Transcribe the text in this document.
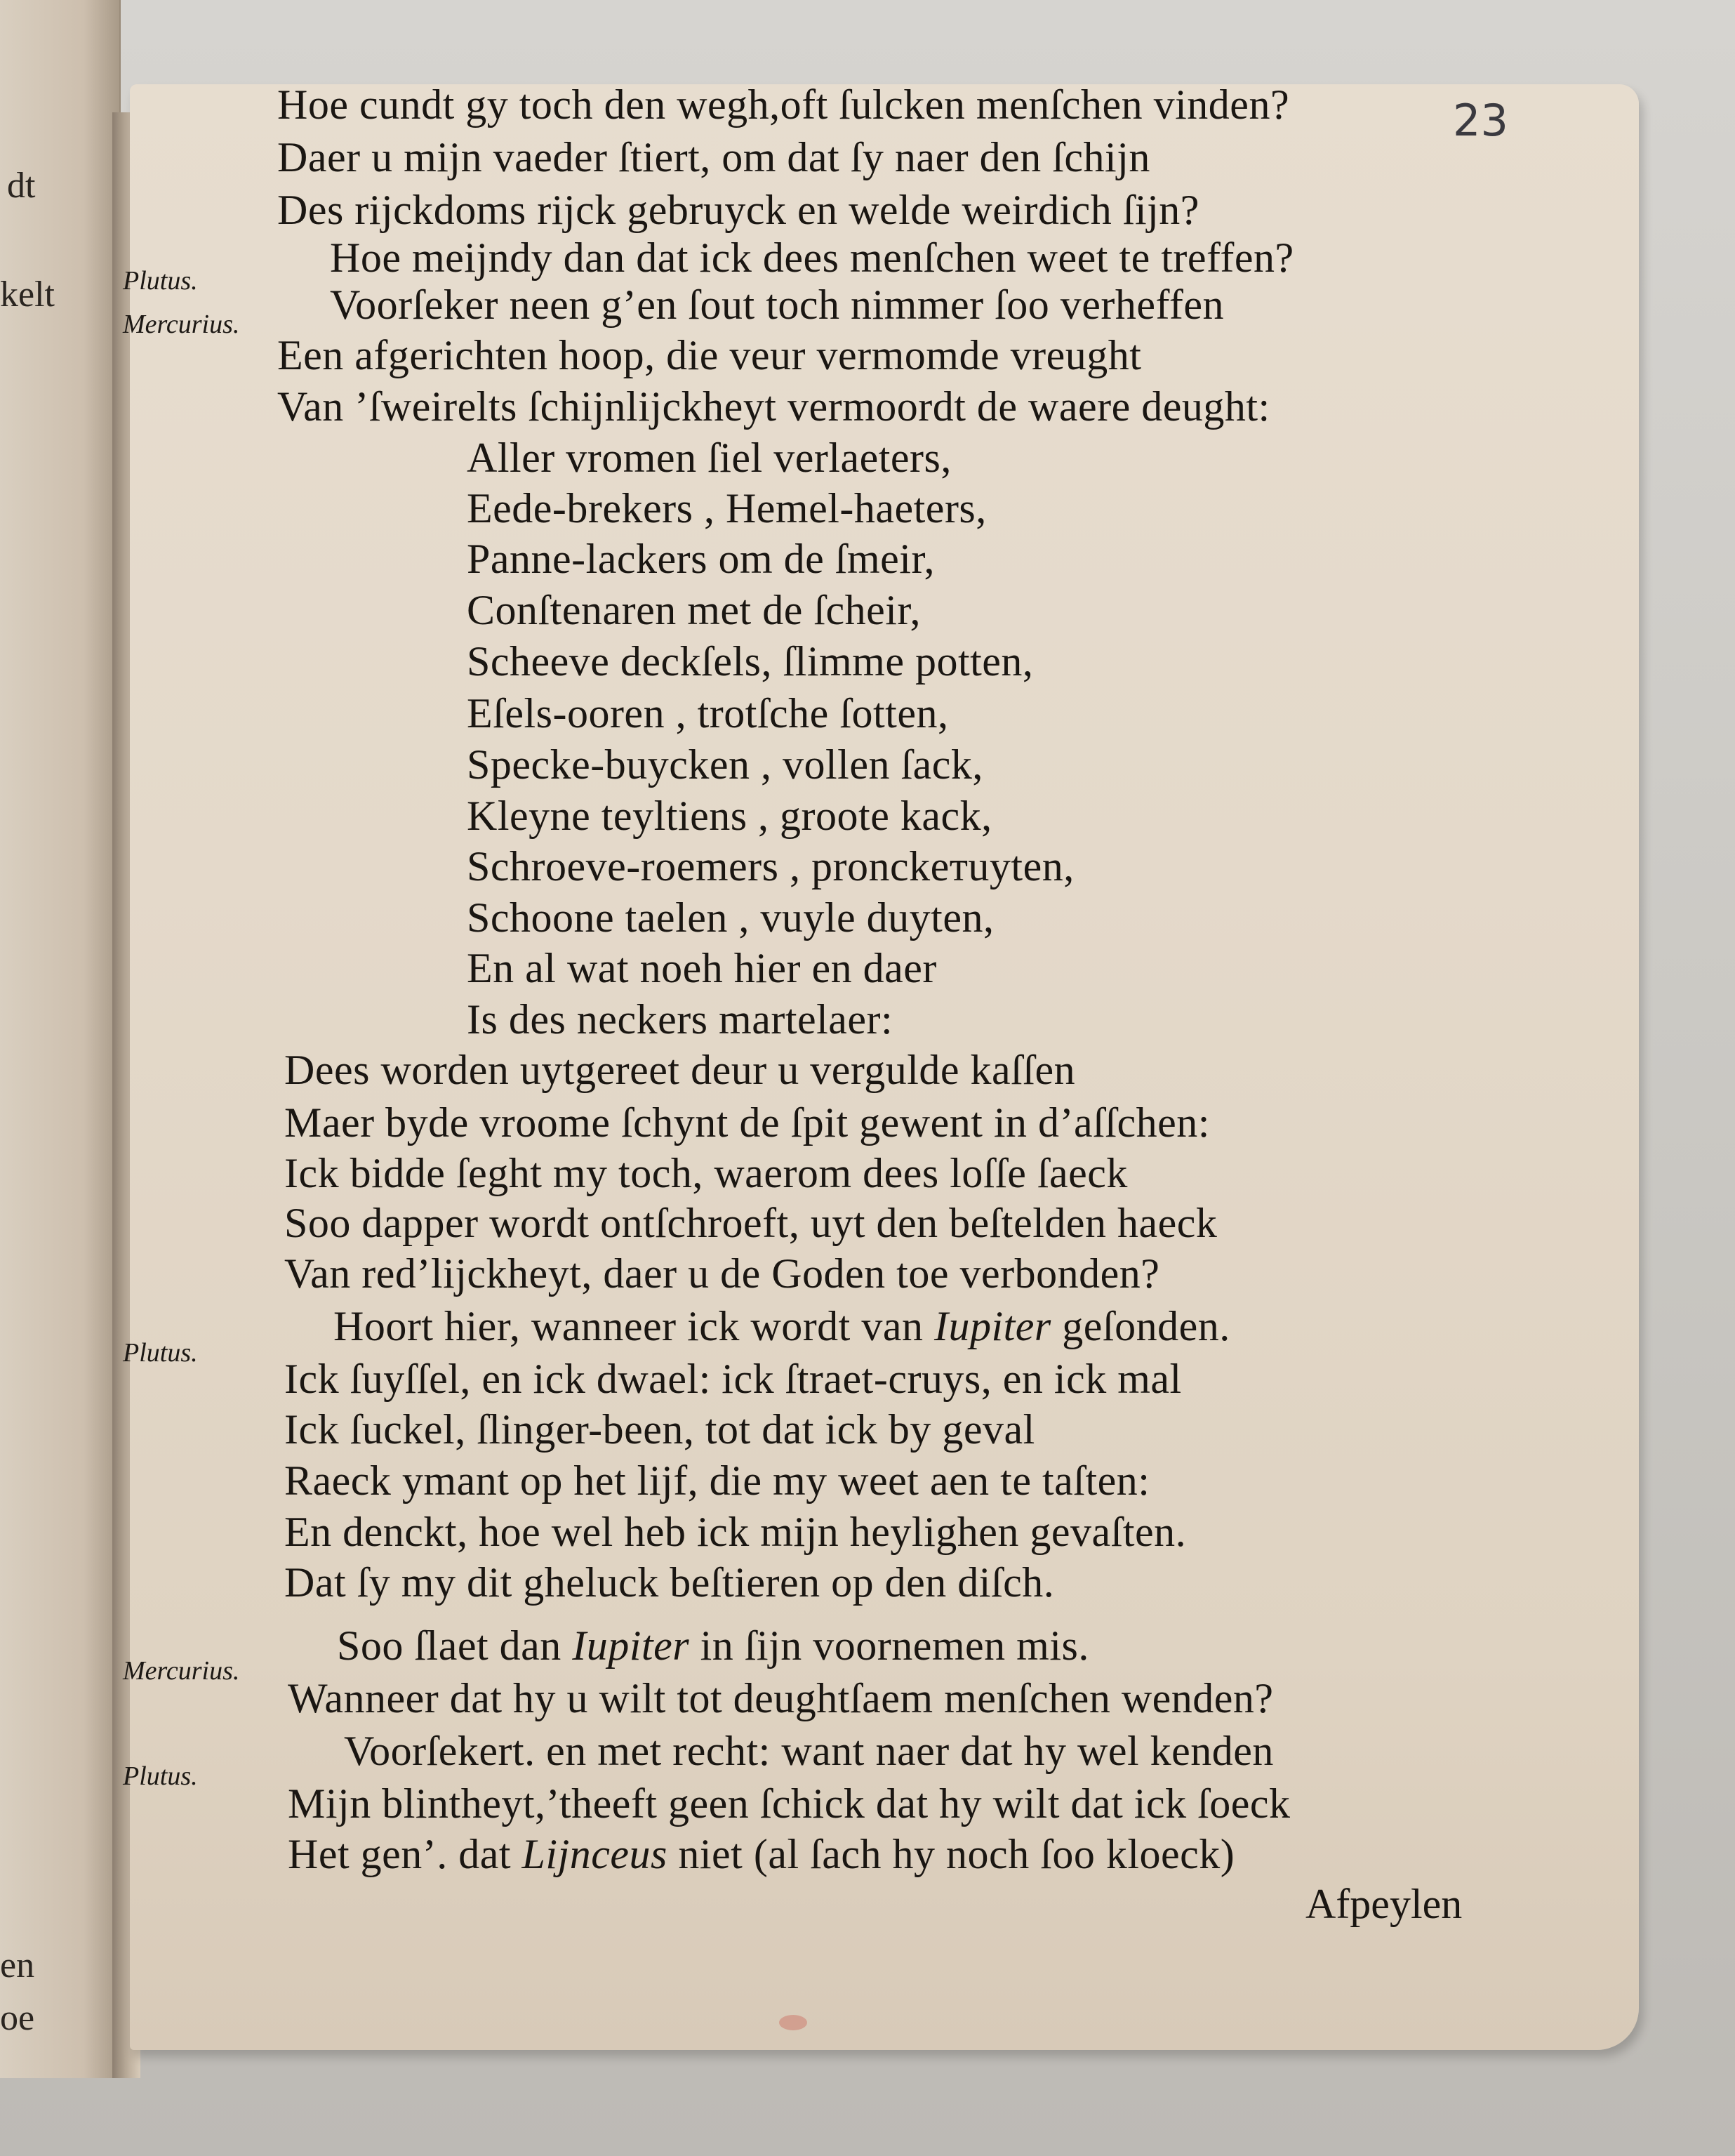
dt
kelt
en
oe
23
Plutus.
Mercurius.
Plutus.
Mercurius.
Plutus.
Hoe cundt gy toch den wegh,oft ſulcken menſchen vinden?
Daer u mijn vaeder ſtiert, om dat ſy naer den ſchijn
Des rijckdoms rijck gebruyck en welde weirdich ſijn?
Hoe meijndy dan dat ick dees menſchen weet te treffen?
Voorſeker neen g’en ſout toch nimmer ſoo verheffen
Een afgerichten hoop, die veur vermomde vreught
Van ’ſweirelts ſchijnlijckheyt vermoordt de waere deught:
Aller vromen ſiel verlaeters,
Eede-brekers , Hemel-haeters,
Panne-lackers om de ſmeir,
Conſtenaren met de ſcheir,
Scheeve deckſels, ſlimme potten,
Eſels-ooren , trotſche ſotten,
Specke-buycken , vollen ſack,
Kleyne teyltiens , groote kack,
Schroeve-roemers , pronckeтuyten,
Schoone taelen , vuyle duyten,
En al wat noeh hier en daer
Is des neckers martelaer:
Dees worden uytgereet deur u vergulde kaſſen
Maer byde vroome ſchynt de ſpit gewent in d’aſſchen:
Ick bidde ſeght my toch, waerom dees loſſe ſaeck
Soo dapper wordt ontſchroeft, uyt den beſtelden haeck
Van red’lijckheyt, daer u de Goden toe verbonden?
Hoort hier, wanneer ick wordt van Iupiter geſonden.
Ick ſuyſſel, en ick dwael: ick ſtraet-cruys, en ick mal
Ick ſuckel, ſlinger-been, tot dat ick by geval
Raeck ymant op het lijf, die my weet aen te taſten:
En denckt, hoe wel heb ick mijn heylighen gevaſten.
Dat ſy my dit gheluck beſtieren op den diſch.
Soo ſlaet dan Iupiter in ſijn voornemen mis.
Wanneer dat hy u wilt tot deughtſaem menſchen wenden?
Voorſekert. en met recht: want naer dat hy wel kenden
Mijn blintheyt,’theeft geen ſchick dat hy wilt dat ick ſoeck
Het gen’. dat Lijnceus niet (al ſach hy noch ſoo kloeck)
Afpeylen
